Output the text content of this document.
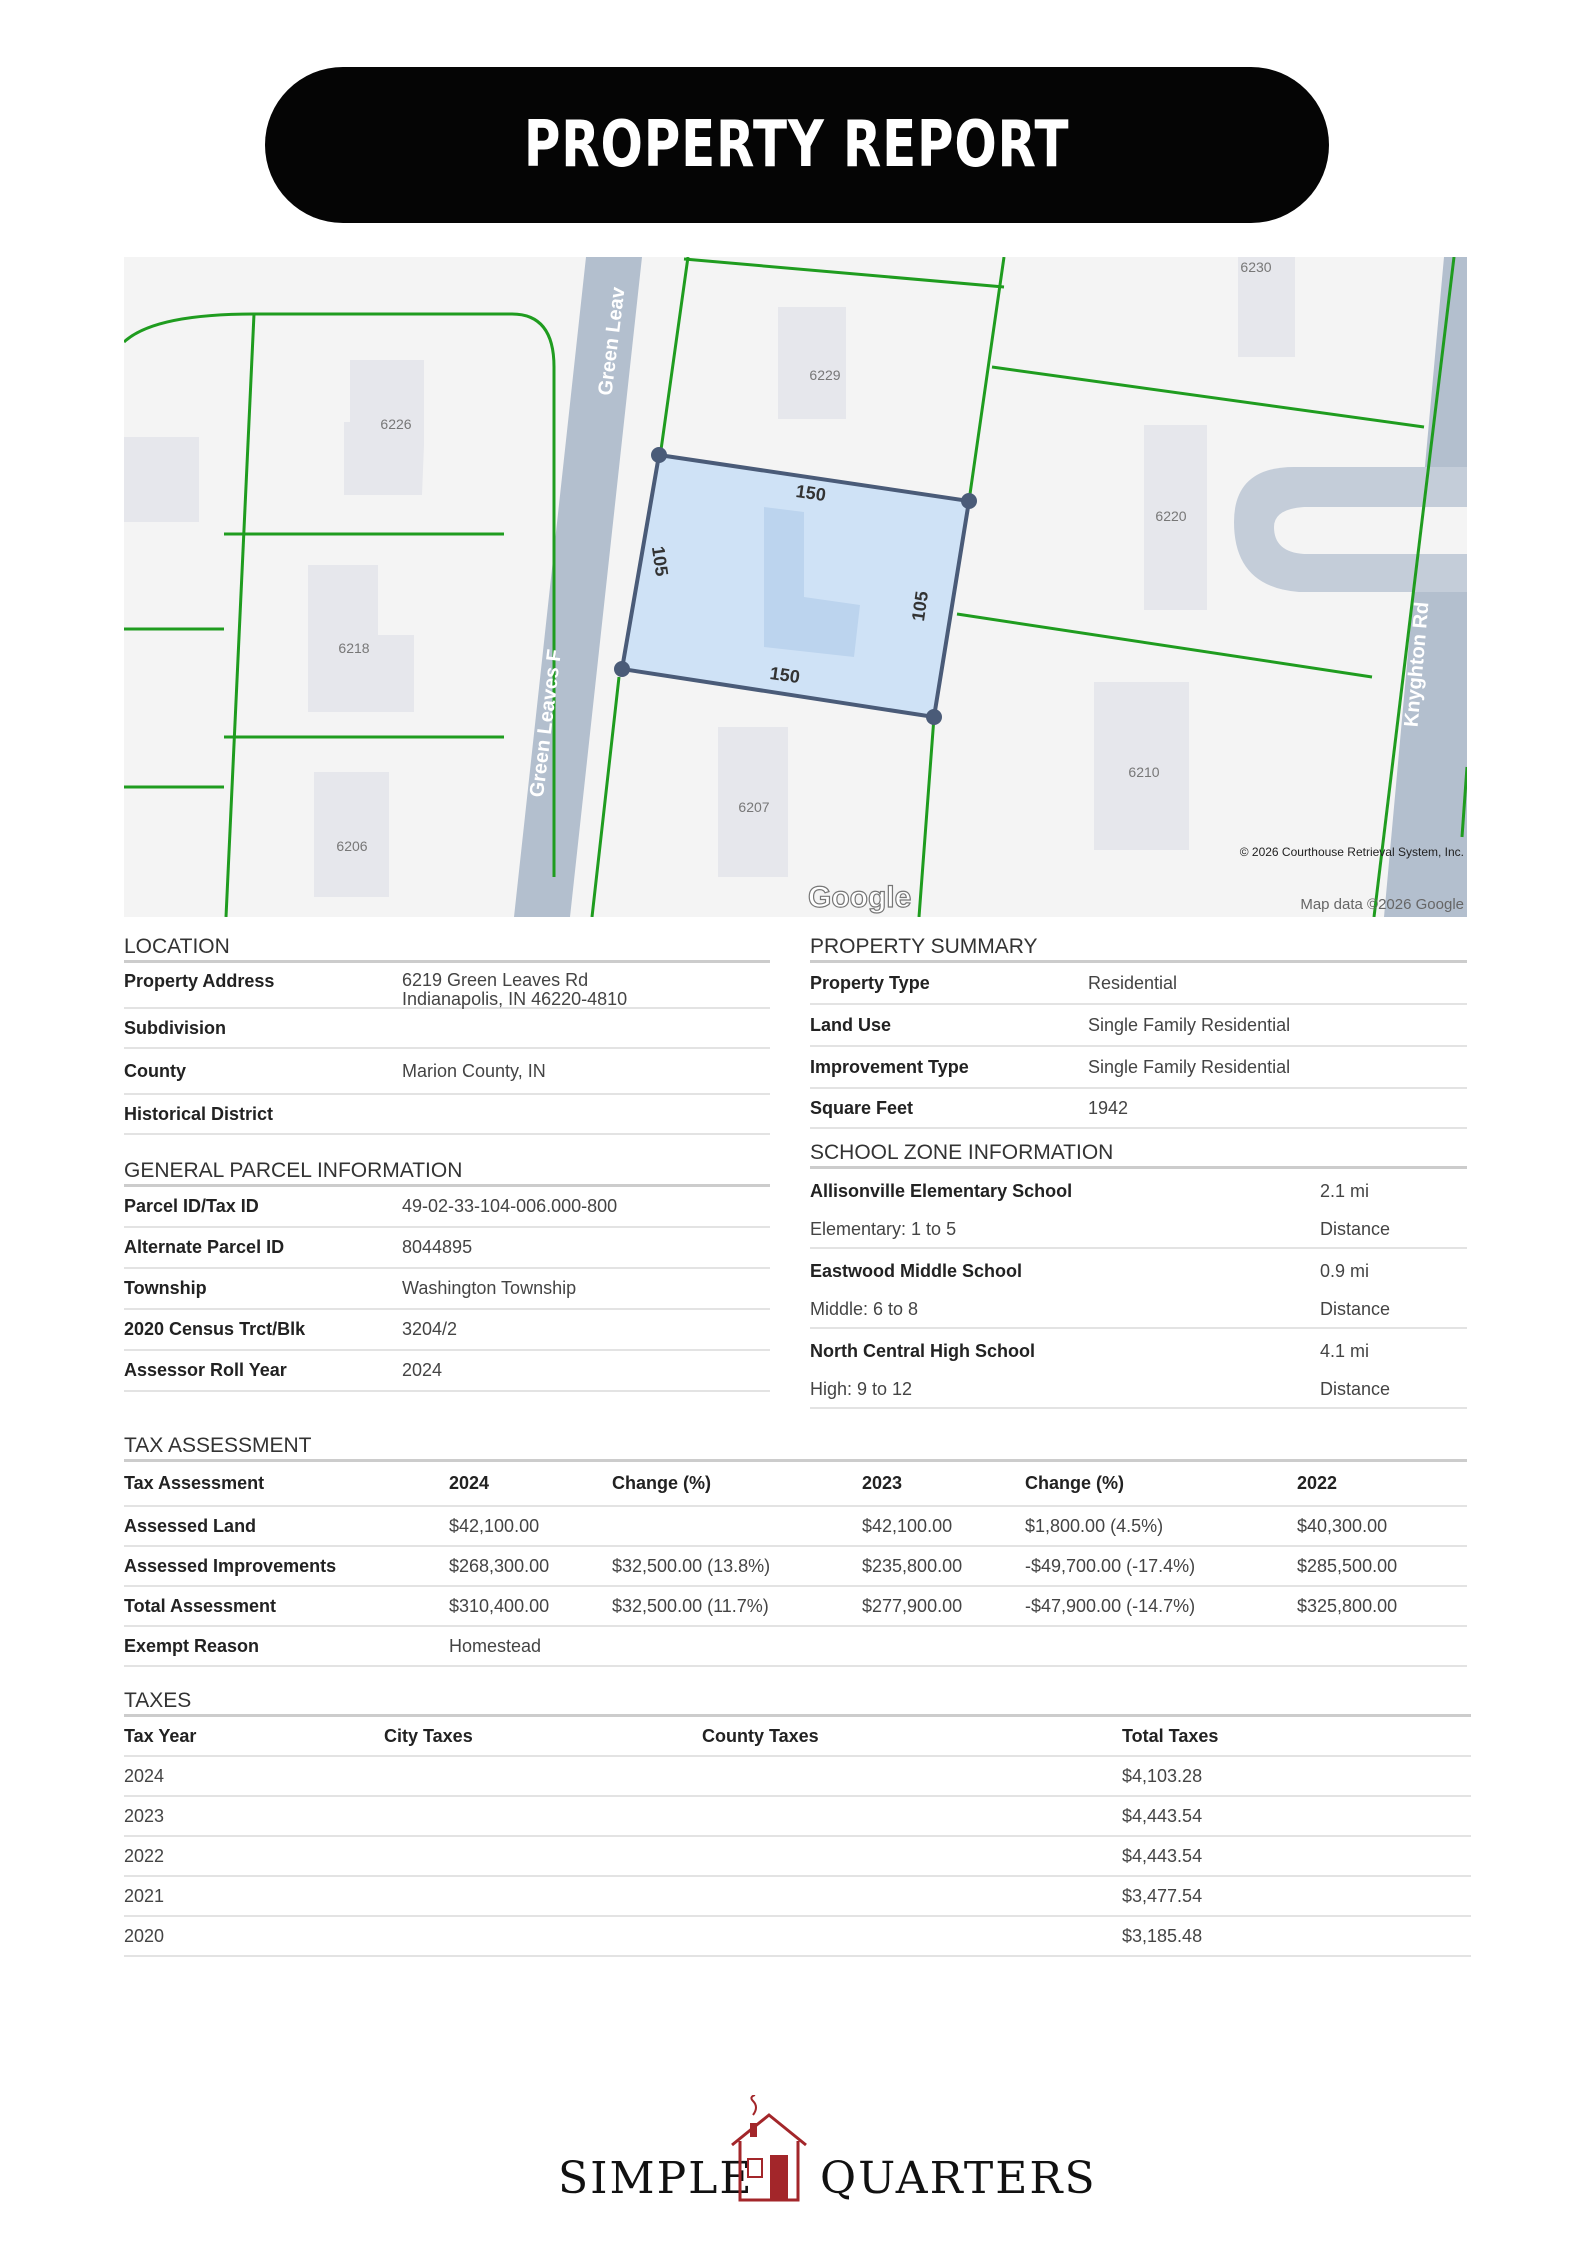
PROPERTY REPORT
6230
6229
6226
6220
6218
6210
6207
6206
150
150
105
105
Green Leav
Green Leaves F	Knyghton Rd
© 2026 Courthouse Retrieval System, Inc.
Google	Map data ©2026 Google
LOCATION
Property Address	6219 Green Leaves Rd
Indianapolis, IN 46220-4810
Subdivision
County	Marion County, IN
Historical District
GENERAL PARCEL INFORMATION
Parcel ID/Tax ID	49-02-33-104-006.000-800
Alternate Parcel ID	8044895
Township	Washington Township
2020 Census Trct/Blk	3204/2
Assessor Roll Year	2024
PROPERTY SUMMARY
Property Type	Residential
Land Use	Single Family Residential
Improvement Type	Single Family Residential
Square Feet	1942
SCHOOL ZONE INFORMATION
Allisonville Elementary School	2.1 mi
Elementary: 1 to 5	Distance
Eastwood Middle School	0.9 mi
Middle: 6 to 8	Distance
North Central High School	4.1 mi
High: 9 to 12	Distance
TAX ASSESSMENT
Tax Assessment	2024	Change (%)	2023	Change (%)	2022
Assessed Land	$42,100.00		$42,100.00	$1,800.00 (4.5%)	$40,300.00
Assessed Improvements	$268,300.00	$32,500.00 (13.8%)	$235,800.00	-$49,700.00 (-17.4%)	$285,500.00
Total Assessment	$310,400.00	$32,500.00 (11.7%)	$277,900.00	-$47,900.00 (-14.7%)	$325,800.00
Exempt Reason	Homestead				
TAXES
Tax Year	City Taxes	County Taxes	Total Taxes
2024			$4,103.28
2023			$4,443.54
2022			$4,443.54
2021			$3,477.54
2020			$3,185.48
SIMPLE QUARTERS
